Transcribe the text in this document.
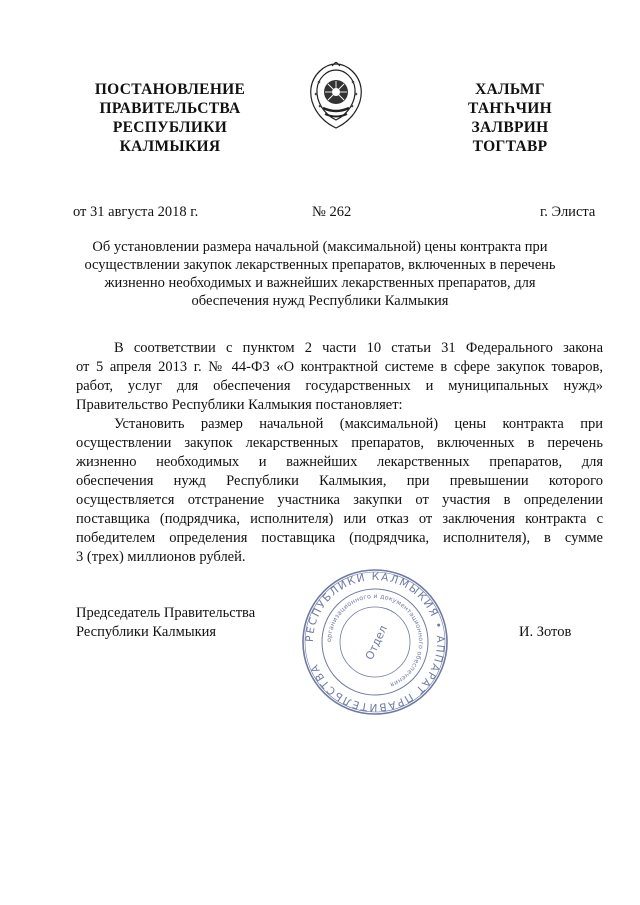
ПОСТАНОВЛЕНИЕ
ПРАВИТЕЛЬСТВА
РЕСПУБЛИКИ
КАЛМЫКИЯ
ХАЛЬМГ
ТАҤҺЧИН
ЗАЛВРИН
ТОГТАВР
от 31 августа 2018 г.	№ 262	г. Элиста
Об установлении размера начальной (максимальной) цены контракта при
осуществлении закупок лекарственных препаратов, включенных в перечень
жизненно необходимых и важнейших лекарственных препаратов, для
обеспечения нужд Республики Калмыкия
В соответствии с пунктом 2 части 10 статьи 31 Федерального закона
от 5 апреля 2013 г. № 44-ФЗ «О контрактной системе в сфере закупок товаров,
работ, услуг для обеспечения государственных и муниципальных нужд»
Правительство Республики Калмыкия постановляет:
Установить размер начальной (максимальной) цены контракта при
осуществлении закупок лекарственных препаратов, включенных в перечень
жизненно необходимых и важнейших лекарственных препаратов, для
обеспечения нужд Республики Калмыкия, при превышении которого
осуществляется отстранение участника закупки от участия в определении
поставщика (подрядчика, исполнителя) или отказ от заключения контракта с
победителем определения поставщика (подрядчика, исполнителя), в сумме
3 (трех) миллионов рублей.
РЕСПУБЛИКИ КАЛМЫКИЯ • АППАРАТ ПРАВИТЕЛЬСТВА
организационного и документационного обеспечения
Отдел
Председатель Правительства
Республики Калмыкия	И. Зотов
